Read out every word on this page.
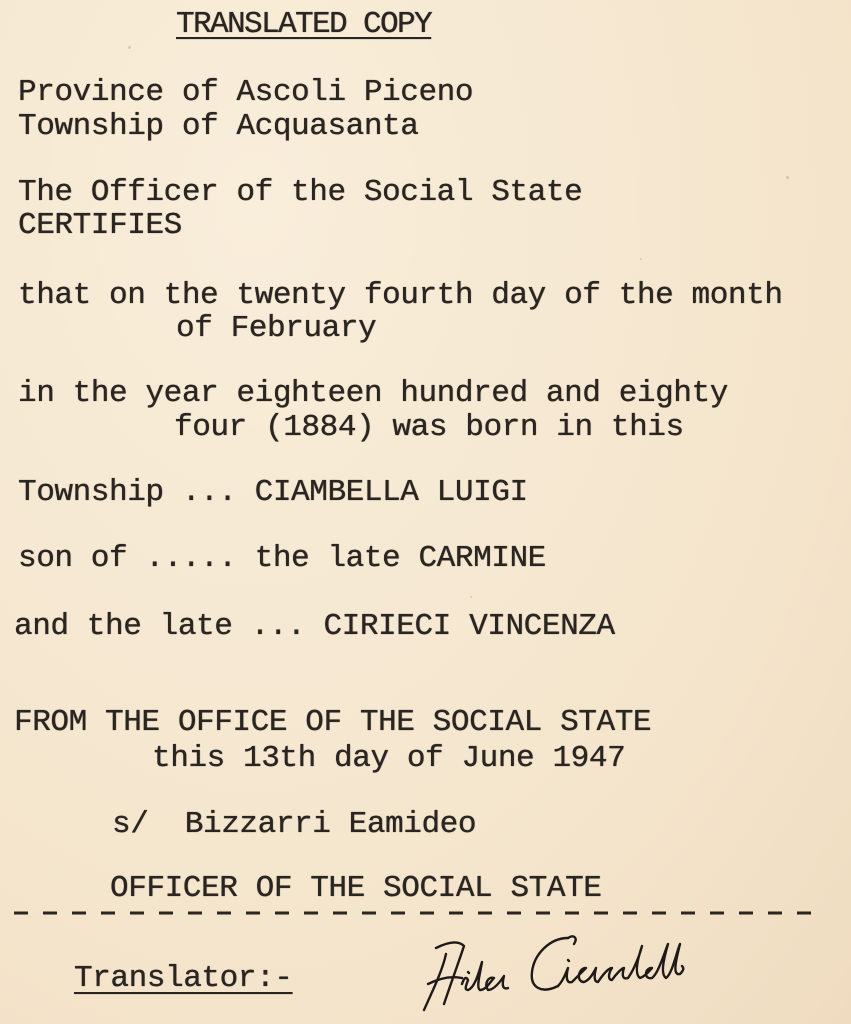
TRANSLATED COPY
Province of Ascoli Piceno
Township of Acquasanta
The Officer of the Social State
CERTIFIES
that on the twenty fourth day of the month
of February
in the year eighteen hundred and eighty
four (1884) was born in this
Township ... CIAMBELLA LUIGI
son of ..... the late CARMINE
and the late ... CIRIECI VINCENZA
FROM THE OFFICE OF THE SOCIAL STATE
this 13th day of June 1947
s/  Bizzarri Eamideo
OFFICER OF THE SOCIAL STATE
Translator:-
